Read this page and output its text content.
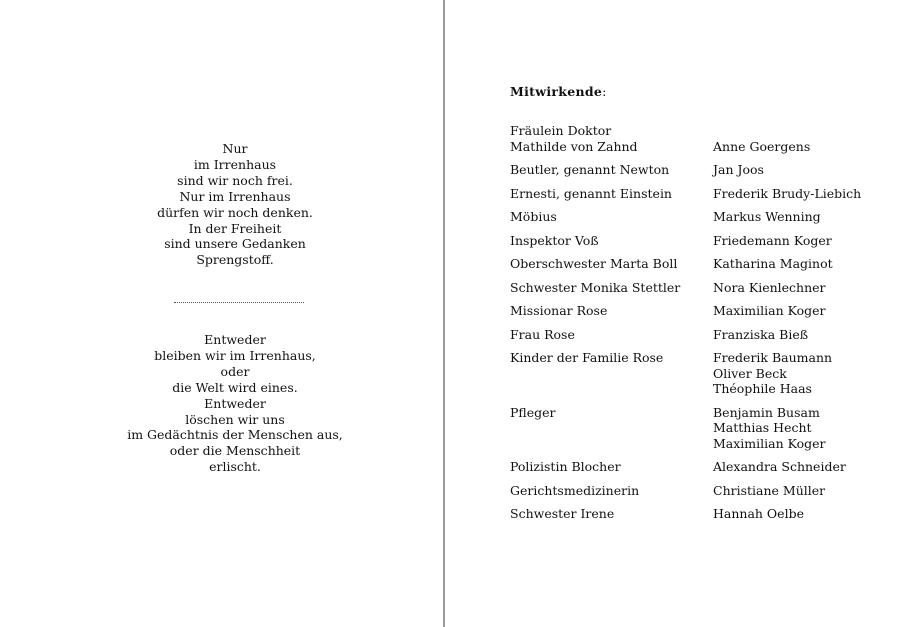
Nur
im Irrenhaus
sind wir noch frei.
Nur im Irrenhaus
dürfen wir noch denken.
In der Freiheit
sind unsere Gedanken
Sprengstoff.
Entweder
bleiben wir im Irrenhaus,
oder
die Welt wird eines.
Entweder
löschen wir uns
im Gedächtnis der Menschen aus,
oder die Menschheit
erlischt.
Mitwirkende:
Fräulein Doktor
Mathilde von Zahnd	Anne Goergens
Beutler, genannt Newton	Jan Joos
Ernesti, genannt Einstein	Frederik Brudy-Liebich
Möbius	Markus Wenning
Inspektor Voß	Friedemann Koger
Oberschwester Marta Boll	Katharina Maginot
Schwester Monika Stettler	Nora Kienlechner
Missionar Rose	Maximilian Koger
Frau Rose	Franziska Bieß
Kinder der Familie Rose	Frederik Baumann
Oliver Beck
Théophile Haas
Pfleger	Benjamin Busam
Matthias Hecht
Maximilian Koger
Polizistin Blocher	Alexandra Schneider
Gerichtsmedizinerin	Christiane Müller
Schwester Irene	Hannah Oelbe
